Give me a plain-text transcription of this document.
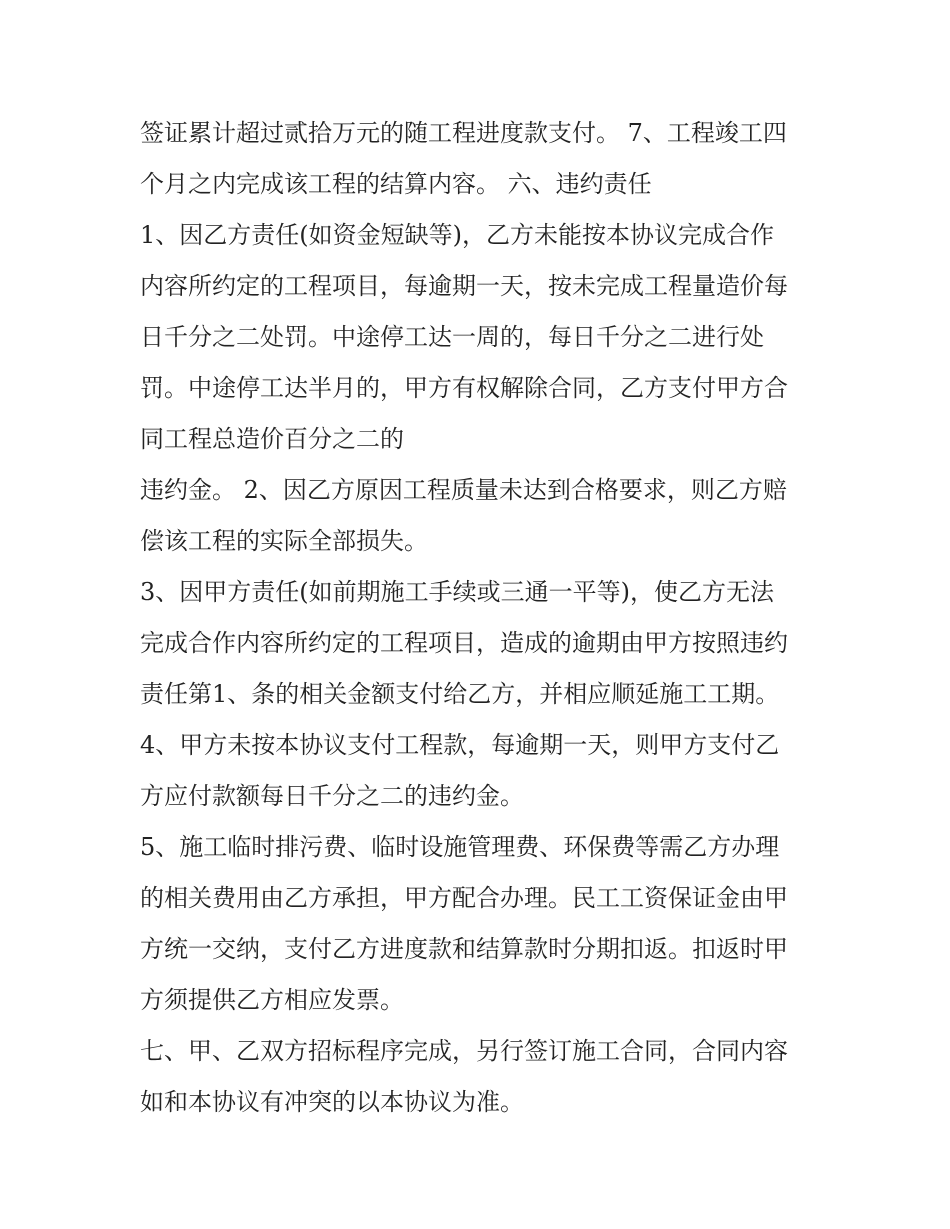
签证累计超过贰拾万元的随工程进度款支付。 7、工程竣工四
个月之内完成该工程的结算内容。 六、违约责任
1、因乙方责任(如资金短缺等)，乙方未能按本协议完成合作
内容所约定的工程项目，每逾期一天，按未完成工程量造价每
日千分之二处罚。中途停工达一周的，每日千分之二进行处
罚。中途停工达半月的，甲方有权解除合同，乙方支付甲方合
同工程总造价百分之二的
违约金。 2、因乙方原因工程质量未达到合格要求，则乙方赔
偿该工程的实际全部损失。
3、因甲方责任(如前期施工手续或三通一平等)，使乙方无法
完成合作内容所约定的工程项目，造成的逾期由甲方按照违约
责任第1、条的相关金额支付给乙方，并相应顺延施工工期。
4、甲方未按本协议支付工程款，每逾期一天，则甲方支付乙
方应付款额每日千分之二的违约金。
5、施工临时排污费、临时设施管理费、环保费等需乙方办理
的相关费用由乙方承担，甲方配合办理。民工工资保证金由甲
方统一交纳，支付乙方进度款和结算款时分期扣返。扣返时甲
方须提供乙方相应发票。
七、甲、乙双方招标程序完成，另行签订施工合同，合同内容
如和本协议有冲突的以本协议为准。
